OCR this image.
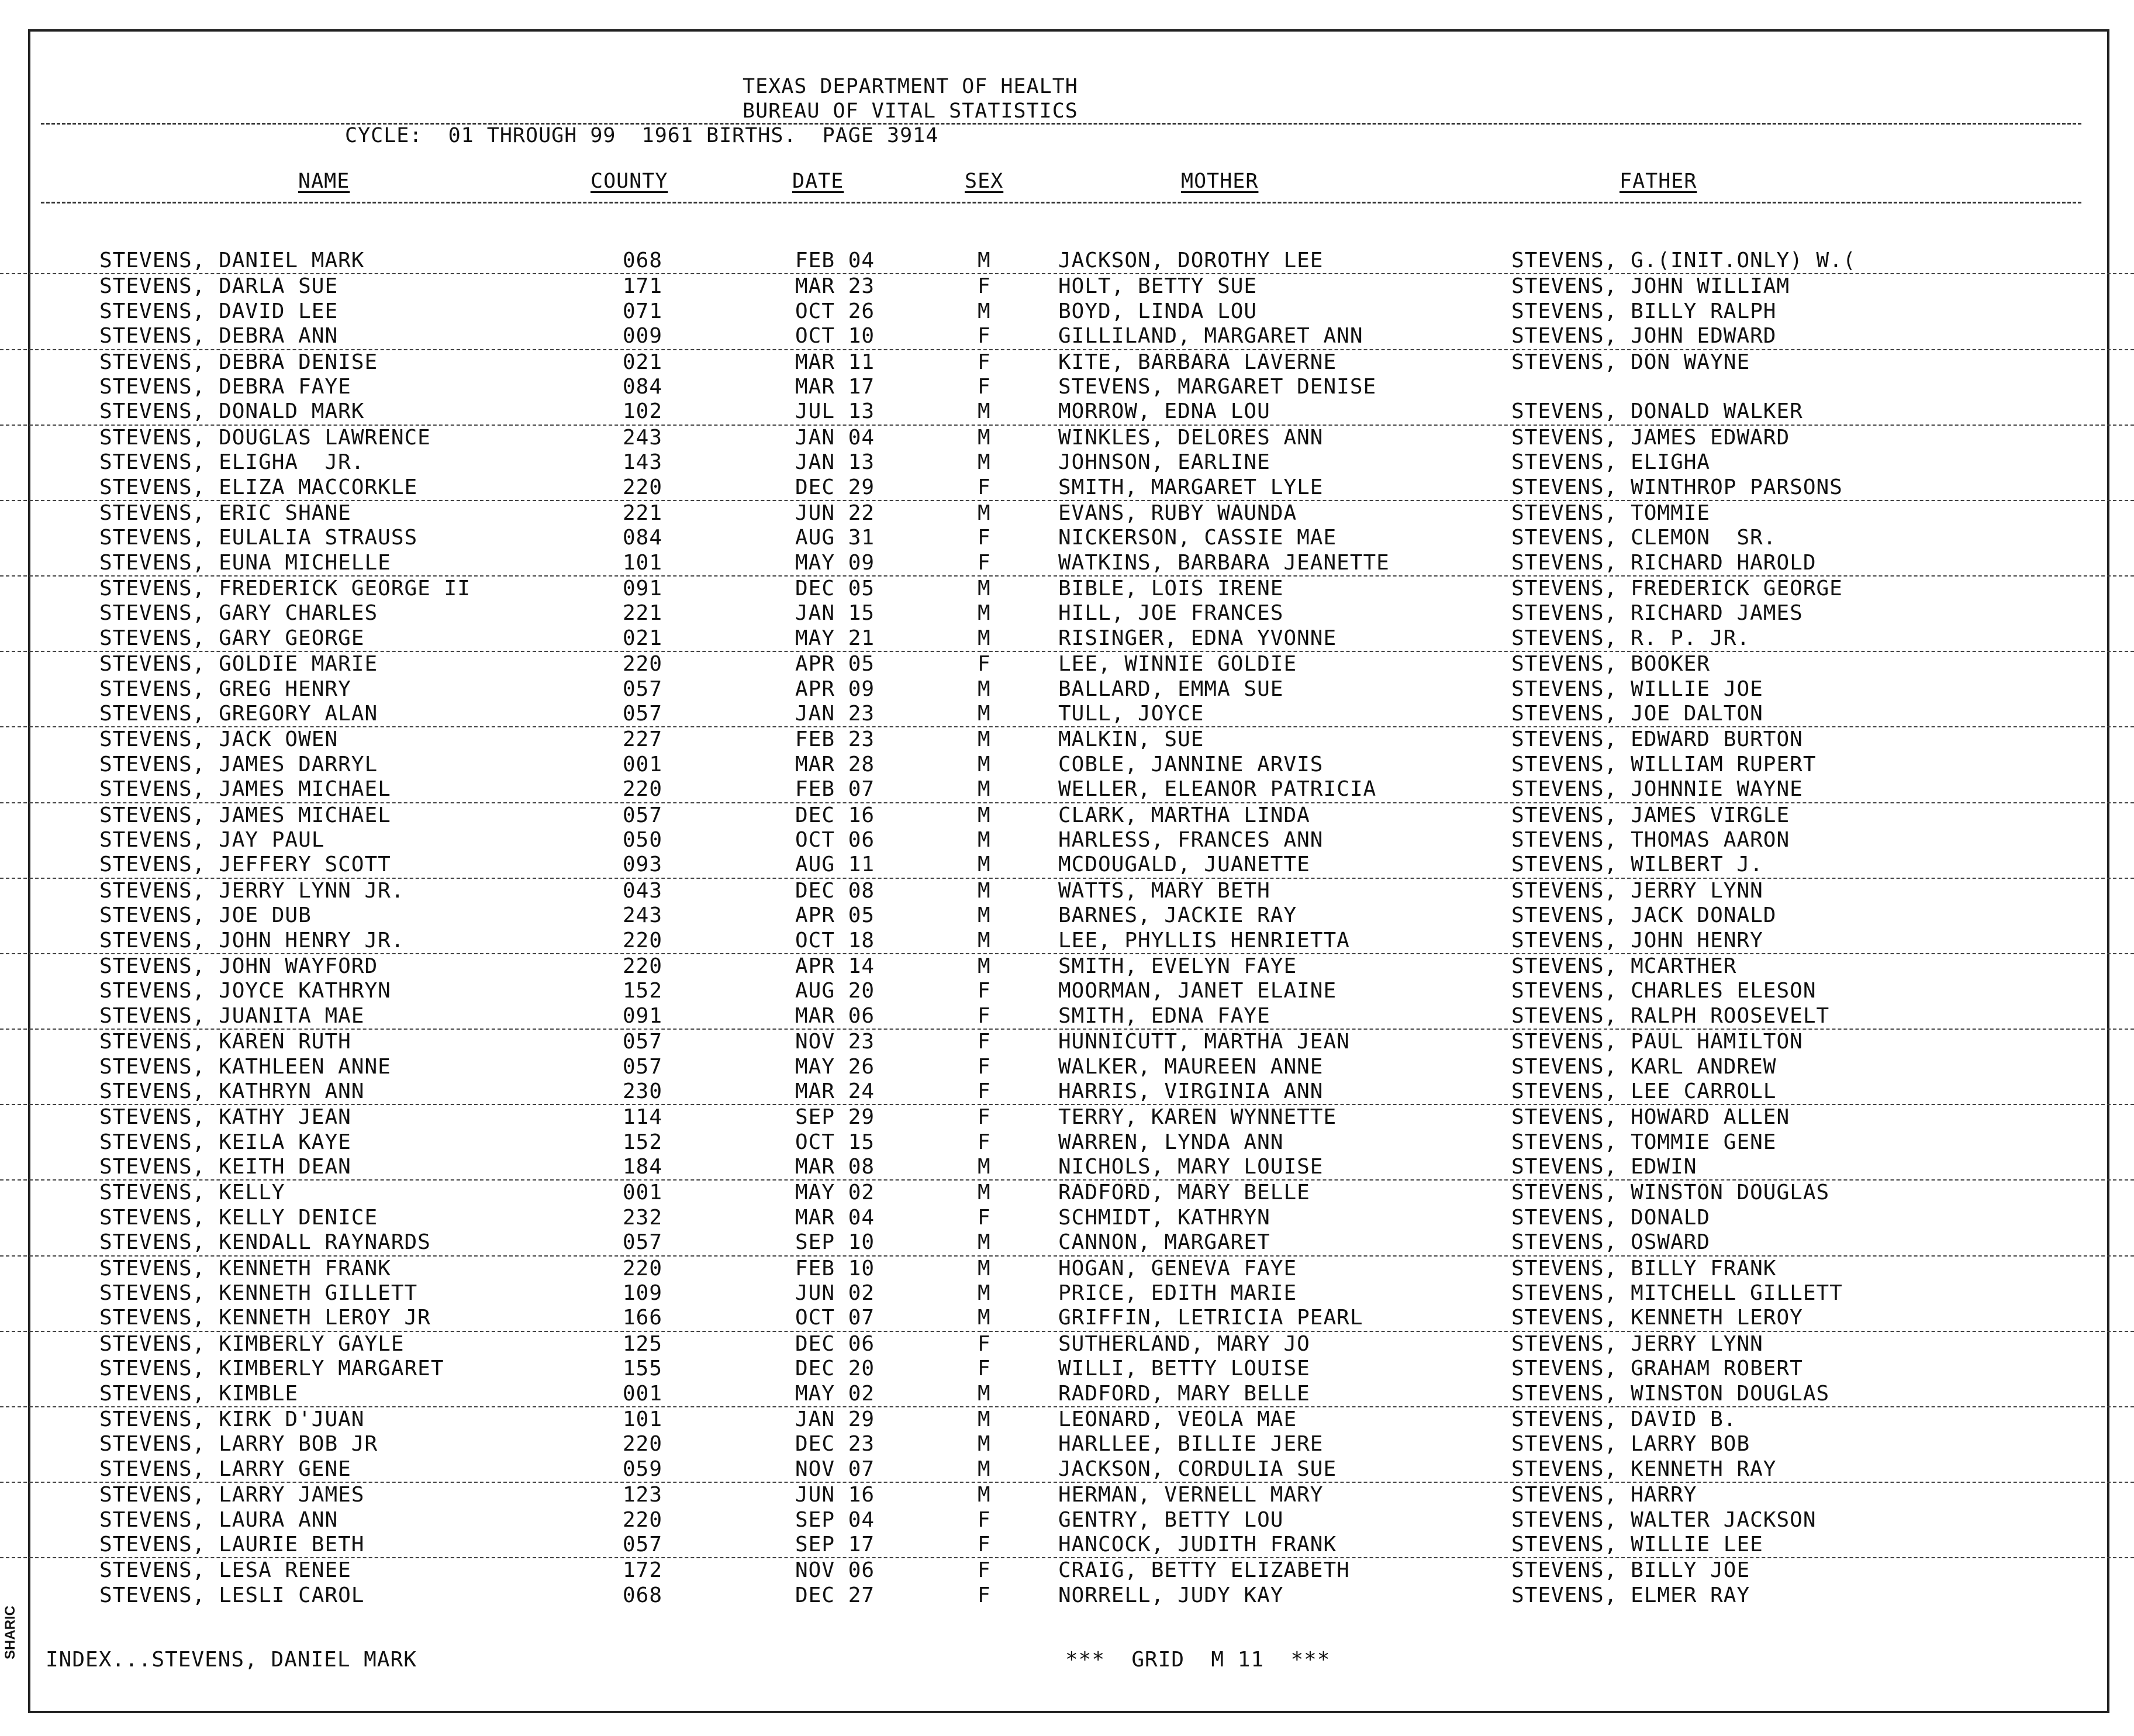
TEXAS DEPARTMENT OF HEALTH
BUREAU OF VITAL STATISTICS
CYCLE:  01 THROUGH 99  1961 BIRTHS.  PAGE 3914
NAME	COUNTY	DATE	SEX	MOTHER	FATHER
STEVENS, DANIEL MARK	068	FEB 04	M	JACKSON, DOROTHY LEE	STEVENS, G.(INIT.ONLY) W.(
STEVENS, DARLA SUE	171	MAR 23	F	HOLT, BETTY SUE	STEVENS, JOHN WILLIAM
STEVENS, DAVID LEE	071	OCT 26	M	BOYD, LINDA LOU	STEVENS, BILLY RALPH
STEVENS, DEBRA ANN	009	OCT 10	F	GILLILAND, MARGARET ANN	STEVENS, JOHN EDWARD
STEVENS, DEBRA DENISE	021	MAR 11	F	KITE, BARBARA LAVERNE	STEVENS, DON WAYNE
STEVENS, DEBRA FAYE	084	MAR 17	F	STEVENS, MARGARET DENISE
STEVENS, DONALD MARK	102	JUL 13	M	MORROW, EDNA LOU	STEVENS, DONALD WALKER
STEVENS, DOUGLAS LAWRENCE	243	JAN 04	M	WINKLES, DELORES ANN	STEVENS, JAMES EDWARD
STEVENS, ELIGHA  JR.	143	JAN 13	M	JOHNSON, EARLINE	STEVENS, ELIGHA
STEVENS, ELIZA MACCORKLE	220	DEC 29	F	SMITH, MARGARET LYLE	STEVENS, WINTHROP PARSONS
STEVENS, ERIC SHANE	221	JUN 22	M	EVANS, RUBY WAUNDA	STEVENS, TOMMIE
STEVENS, EULALIA STRAUSS	084	AUG 31	F	NICKERSON, CASSIE MAE	STEVENS, CLEMON  SR.
STEVENS, EUNA MICHELLE	101	MAY 09	F	WATKINS, BARBARA JEANETTE	STEVENS, RICHARD HAROLD
STEVENS, FREDERICK GEORGE II	091	DEC 05	M	BIBLE, LOIS IRENE	STEVENS, FREDERICK GEORGE
STEVENS, GARY CHARLES	221	JAN 15	M	HILL, JOE FRANCES	STEVENS, RICHARD JAMES
STEVENS, GARY GEORGE	021	MAY 21	M	RISINGER, EDNA YVONNE	STEVENS, R. P. JR.
STEVENS, GOLDIE MARIE	220	APR 05	F	LEE, WINNIE GOLDIE	STEVENS, BOOKER
STEVENS, GREG HENRY	057	APR 09	M	BALLARD, EMMA SUE	STEVENS, WILLIE JOE
STEVENS, GREGORY ALAN	057	JAN 23	M	TULL, JOYCE	STEVENS, JOE DALTON
STEVENS, JACK OWEN	227	FEB 23	M	MALKIN, SUE	STEVENS, EDWARD BURTON
STEVENS, JAMES DARRYL	001	MAR 28	M	COBLE, JANNINE ARVIS	STEVENS, WILLIAM RUPERT
STEVENS, JAMES MICHAEL	220	FEB 07	M	WELLER, ELEANOR PATRICIA	STEVENS, JOHNNIE WAYNE
STEVENS, JAMES MICHAEL	057	DEC 16	M	CLARK, MARTHA LINDA	STEVENS, JAMES VIRGLE
STEVENS, JAY PAUL	050	OCT 06	M	HARLESS, FRANCES ANN	STEVENS, THOMAS AARON
STEVENS, JEFFERY SCOTT	093	AUG 11	M	MCDOUGALD, JUANETTE	STEVENS, WILBERT J.
STEVENS, JERRY LYNN JR.	043	DEC 08	M	WATTS, MARY BETH	STEVENS, JERRY LYNN
STEVENS, JOE DUB	243	APR 05	M	BARNES, JACKIE RAY	STEVENS, JACK DONALD
STEVENS, JOHN HENRY JR.	220	OCT 18	M	LEE, PHYLLIS HENRIETTA	STEVENS, JOHN HENRY
STEVENS, JOHN WAYFORD	220	APR 14	M	SMITH, EVELYN FAYE	STEVENS, MCARTHER
STEVENS, JOYCE KATHRYN	152	AUG 20	F	MOORMAN, JANET ELAINE	STEVENS, CHARLES ELESON
STEVENS, JUANITA MAE	091	MAR 06	F	SMITH, EDNA FAYE	STEVENS, RALPH ROOSEVELT
STEVENS, KAREN RUTH	057	NOV 23	F	HUNNICUTT, MARTHA JEAN	STEVENS, PAUL HAMILTON
STEVENS, KATHLEEN ANNE	057	MAY 26	F	WALKER, MAUREEN ANNE	STEVENS, KARL ANDREW
STEVENS, KATHRYN ANN	230	MAR 24	F	HARRIS, VIRGINIA ANN	STEVENS, LEE CARROLL
STEVENS, KATHY JEAN	114	SEP 29	F	TERRY, KAREN WYNNETTE	STEVENS, HOWARD ALLEN
STEVENS, KEILA KAYE	152	OCT 15	F	WARREN, LYNDA ANN	STEVENS, TOMMIE GENE
STEVENS, KEITH DEAN	184	MAR 08	M	NICHOLS, MARY LOUISE	STEVENS, EDWIN
STEVENS, KELLY	001	MAY 02	M	RADFORD, MARY BELLE	STEVENS, WINSTON DOUGLAS
STEVENS, KELLY DENICE	232	MAR 04	F	SCHMIDT, KATHRYN	STEVENS, DONALD
STEVENS, KENDALL RAYNARDS	057	SEP 10	M	CANNON, MARGARET	STEVENS, OSWARD
STEVENS, KENNETH FRANK	220	FEB 10	M	HOGAN, GENEVA FAYE	STEVENS, BILLY FRANK
STEVENS, KENNETH GILLETT	109	JUN 02	M	PRICE, EDITH MARIE	STEVENS, MITCHELL GILLETT
STEVENS, KENNETH LEROY JR	166	OCT 07	M	GRIFFIN, LETRICIA PEARL	STEVENS, KENNETH LEROY
STEVENS, KIMBERLY GAYLE	125	DEC 06	F	SUTHERLAND, MARY JO	STEVENS, JERRY LYNN
STEVENS, KIMBERLY MARGARET	155	DEC 20	F	WILLI, BETTY LOUISE	STEVENS, GRAHAM ROBERT
STEVENS, KIMBLE	001	MAY 02	M	RADFORD, MARY BELLE	STEVENS, WINSTON DOUGLAS
STEVENS, KIRK D'JUAN	101	JAN 29	M	LEONARD, VEOLA MAE	STEVENS, DAVID B.
STEVENS, LARRY BOB JR	220	DEC 23	M	HARLLEE, BILLIE JERE	STEVENS, LARRY BOB
STEVENS, LARRY GENE	059	NOV 07	M	JACKSON, CORDULIA SUE	STEVENS, KENNETH RAY
STEVENS, LARRY JAMES	123	JUN 16	M	HERMAN, VERNELL MARY	STEVENS, HARRY
STEVENS, LAURA ANN	220	SEP 04	F	GENTRY, BETTY LOU	STEVENS, WALTER JACKSON
STEVENS, LAURIE BETH	057	SEP 17	F	HANCOCK, JUDITH FRANK	STEVENS, WILLIE LEE
STEVENS, LESA RENEE	172	NOV 06	F	CRAIG, BETTY ELIZABETH	STEVENS, BILLY JOE
STEVENS, LESLI CAROL	068	DEC 27	F	NORRELL, JUDY KAY	STEVENS, ELMER RAY
INDEX...STEVENS, DANIEL MARK	***  GRID  M 11  ***
SHARIC
